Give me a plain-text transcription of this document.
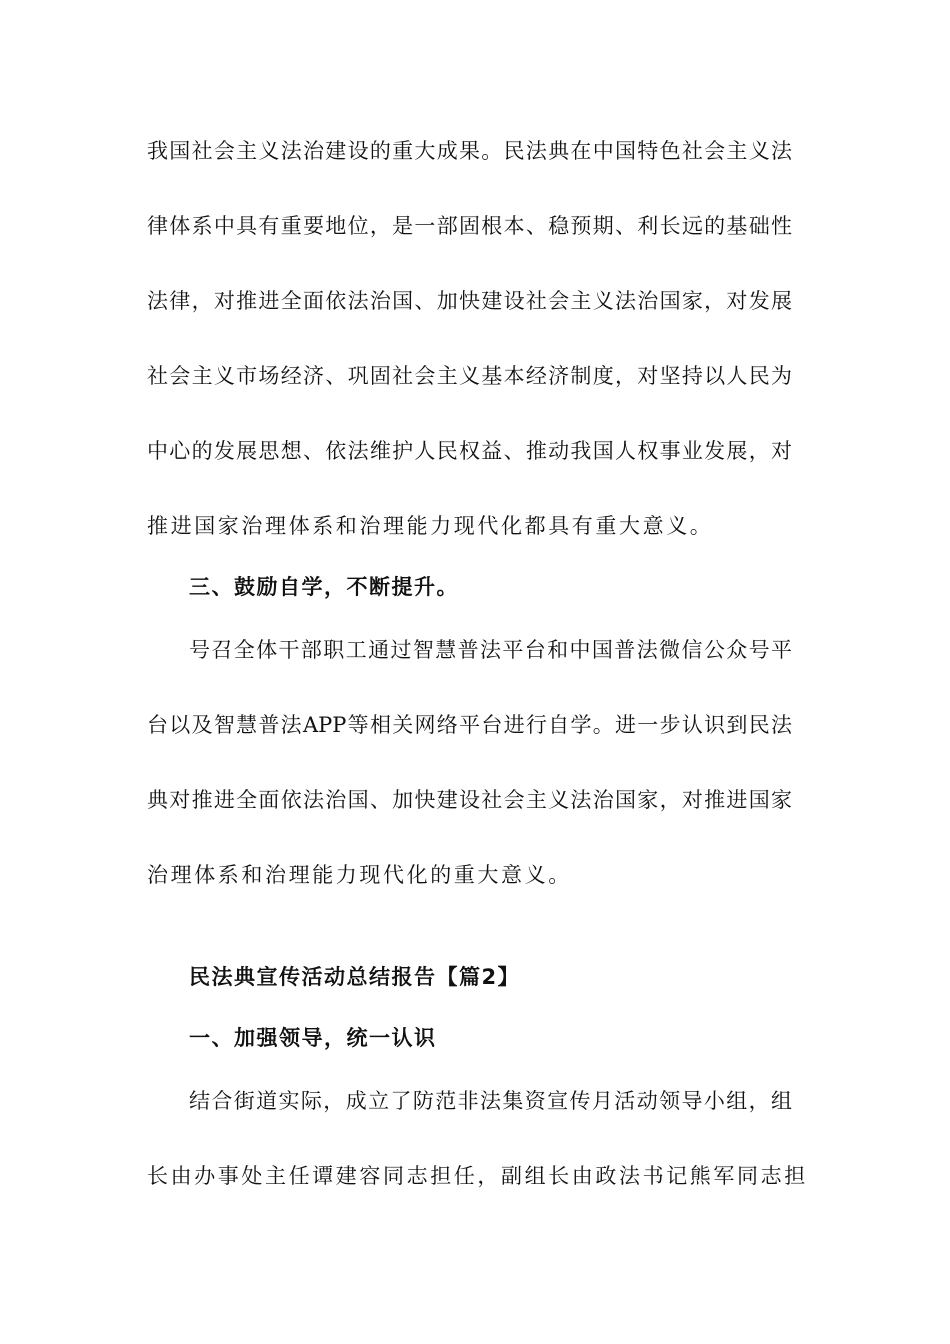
我国社会主义法治建设的重大成果。民法典在中国特色社会主义法
律体系中具有重要地位，是一部固根本、稳预期、利长远的基础性
法律，对推进全面依法治国、加快建设社会主义法治国家，对发展
社会主义市场经济、巩固社会主义基本经济制度，对坚持以人民为
中心的发展思想、依法维护人民权益、推动我国人权事业发展，对
推进国家治理体系和治理能力现代化都具有重大意义。
三、鼓励自学，不断提升。
号召全体干部职工通过智慧普法平台和中国普法微信公众号平
台以及智慧普法APP等相关网络平台进行自学。进一步认识到民法
典对推进全面依法治国、加快建设社会主义法治国家，对推进国家
治理体系和治理能力现代化的重大意义。
民法典宣传活动总结报告【篇2】
一、加强领导，统一认识
结合街道实际，成立了防范非法集资宣传月活动领导小组，组
长由办事处主任谭建容同志担任，副组长由政法书记熊军同志担
